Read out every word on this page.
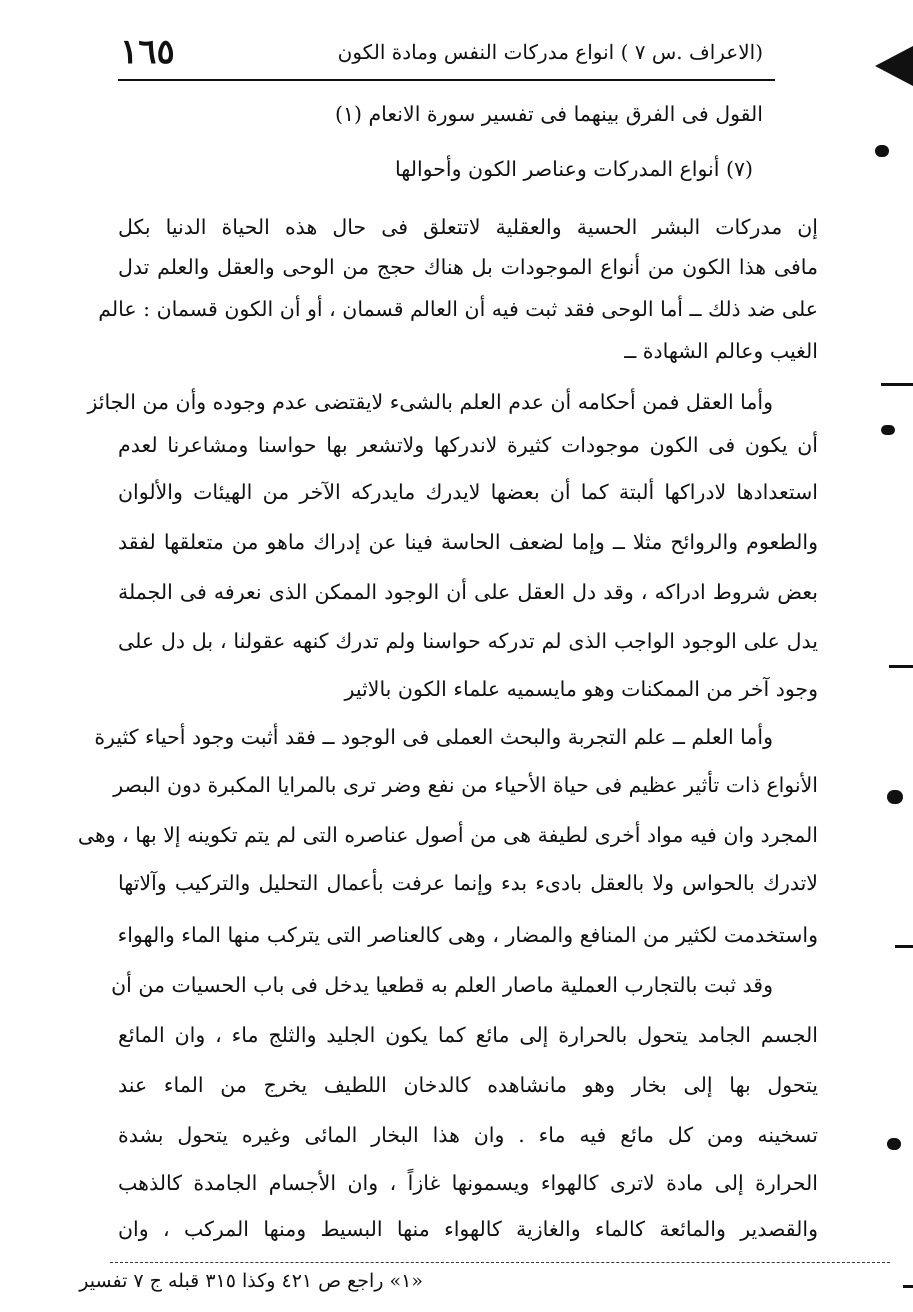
١٦٥	(الاعراف .س ٧ ) انواع مدركات النفس ومادة الكون
القول فى الفرق بينهما فى تفسير سورة الانعام (١)
(٧) أنواع المدركات وعناصر الكون وأحوالها
إن مدركات البشر الحسية والعقلية لاتتعلق فى حال هذه الحياة الدنيا بكل
مافى هذا الكون من أنواع الموجودات بل هناك حجج من الوحى والعقل والعلم تدل
على ضد ذلك ــ أما الوحى فقد ثبت فيه أن العالم قسمان ، أو أن الكون قسمان : عالم
الغيب وعالم الشهادة ــ
وأما العقل فمن أحكامه أن عدم العلم بالشىء لايقتضى عدم وجوده وأن من الجائز
أن يكون فى الكون موجودات كثيرة لاندركها ولاتشعر بها حواسنا ومشاعرنا لعدم
استعدادها لادراكها ألبتة كما أن بعضها لايدرك مايدركه الآخر من الهيئات والألوان
والطعوم والروائح مثلا ــ وإما لضعف الحاسة فينا عن إدراك ماهو من متعلقها لفقد
بعض شروط ادراكه ، وقد دل العقل على أن الوجود الممكن الذى نعرفه فى الجملة
يدل على الوجود الواجب الذى لم تدركه حواسنا ولم تدرك كنهه عقولنا ، بل دل على
وجود آخر من الممكنات وهو مايسميه علماء الكون بالاثير
وأما العلم ــ علم التجربة والبحث العملى فى الوجود ــ فقد أثبت وجود أحياء كثيرة
الأنواع ذات تأثير عظيم فى حياة الأحياء من نفع وضر ترى بالمرايا المكبرة دون البصر
المجرد وان فيه مواد أخرى لطيفة هى من أصول عناصره التى لم يتم تكوينه إلا بها ، وهى
لاتدرك بالحواس ولا بالعقل بادىء بدء وإنما عرفت بأعمال التحليل والتركيب وآلاتها
واستخدمت لكثير من المنافع والمضار ، وهى كالعناصر التى يتركب منها الماء والهواء
وقد ثبت بالتجارب العملية ماصار العلم به قطعيا يدخل فى باب الحسيات من أن
الجسم الجامد يتحول بالحرارة إلى مائع كما يكون الجليد والثلج ماء ، وان المائع
يتحول بها إلى بخار وهو مانشاهده كالدخان اللطيف يخرج من الماء عند
تسخينه ومن كل مائع فيه ماء . وان هذا البخار المائى وغيره يتحول بشدة
الحرارة إلى مادة لاترى كالهواء ويسمونها غازاً ، وان الأجسام الجامدة كالذهب
والقصدير والمائعة كالماء والغازية كالهواء منها البسيط ومنها المركب ، وان
«١» راجع ص ٤٢١ وكذا ٣١٥ قبله ج ٧ تفسير
